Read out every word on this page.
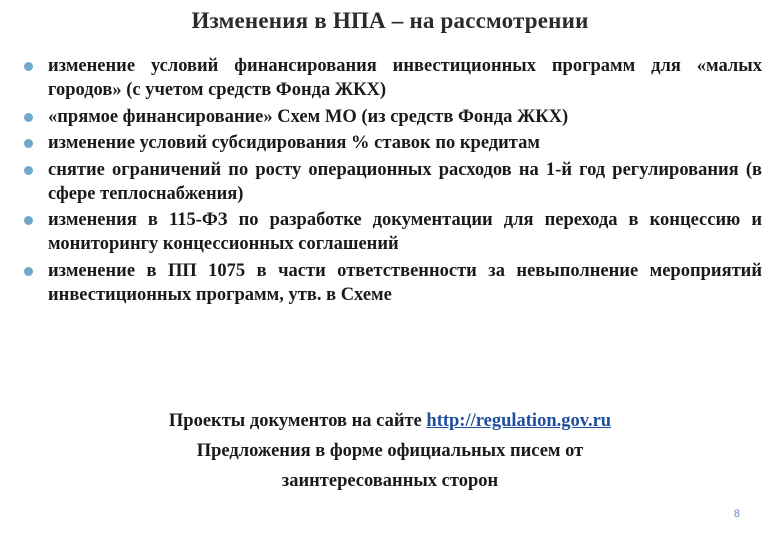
Изменения в НПА – на рассмотрении
изменение условий финансирования инвестиционных программ для «малых городов» (с учетом средств Фонда ЖКХ)
«прямое финансирование» Схем МО (из средств Фонда ЖКХ)
изменение условий субсидирования % ставок по кредитам
снятие ограничений по росту операционных расходов на 1-й год регулирования (в сфере теплоснабжения)
изменения в 115-ФЗ по разработке документации для перехода в концессию и мониторингу концессионных соглашений
изменение в ПП 1075 в части ответственности за невыполнение мероприятий инвестиционных программ, утв. в Схеме
Проекты документов на сайте http://regulation.gov.ru
Предложения в форме официальных писем от
заинтересованных сторон
8
